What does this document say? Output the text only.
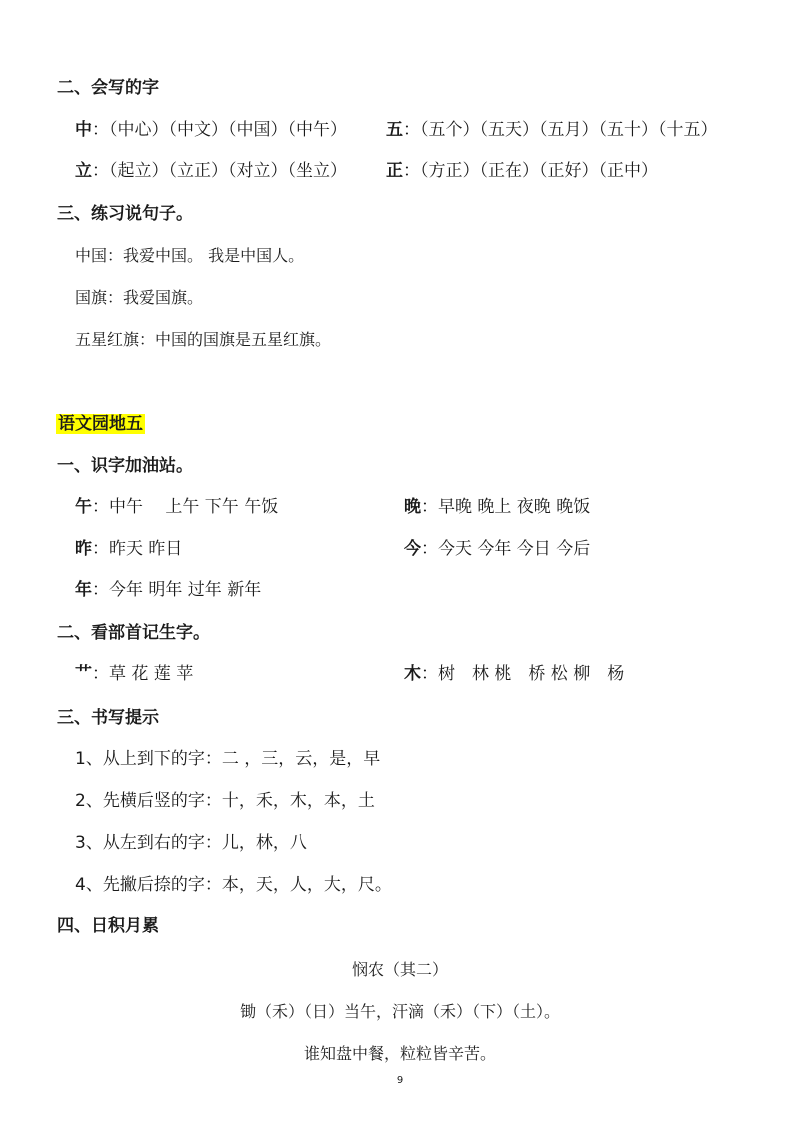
二、会写的字
中：（中心）（中文）（中国）（中午） 五：（五个）（五天）（五月）（五十）（十五）
立：（起立）（立正）（对立）（坐立） 正：（方正）（正在）（正好）（正中）
三、练习说句子。
中国：我爱中国。 我是中国人。
国旗：我爱国旗。
五星红旗：中国的国旗是五星红旗。
语文园地五
一、识字加油站。
午：中午　 上午 下午 午饭	晚：早晚 晚上 夜晚 晚饭
昨：昨天 昨日	今：今天 今年 今日 今后
年：今年 明年 过年 新年
二、看部首记生字。
艹：草 花 莲 苹	木：树　林 桃　桥 松 柳　杨
三、书写提示
1、从上到下的字：二 ，三，云，是，早
2、先横后竖的字：十，禾，木，本，土
3、从左到右的字：儿，林，八
4、先撇后捺的字：本，天，人，大，尺。
四、日积月累
悯农（其二）
锄（禾）（日）当午，汗滴（禾）（下）（土）。
谁知盘中餐，粒粒皆辛苦。
9
